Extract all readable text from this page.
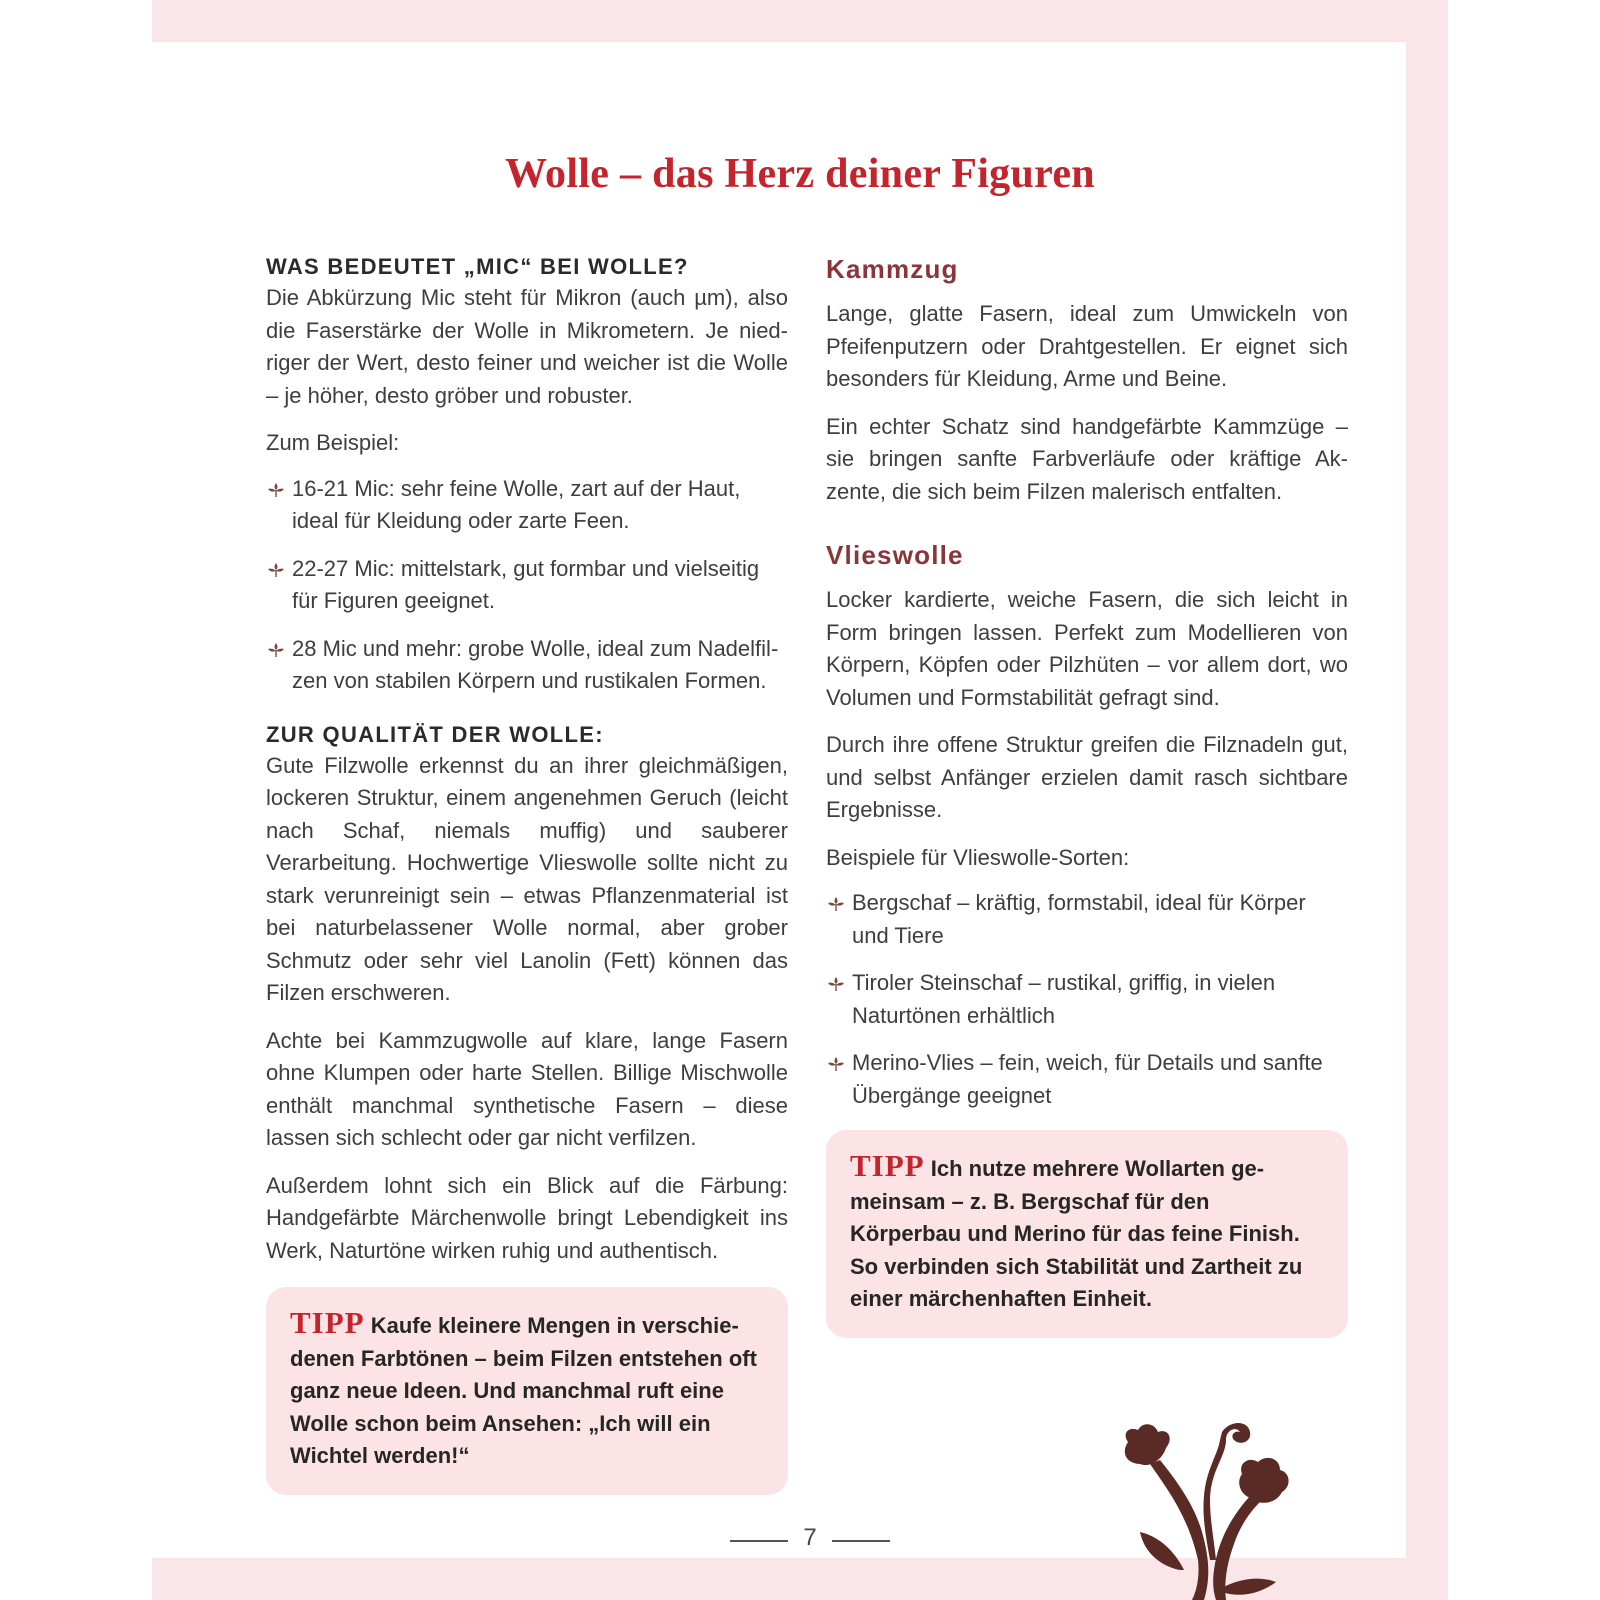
Wolle – das Herz deiner Figuren
WAS BEDEUTET „MIC“ BEI WOLLE?

Die Abkürzung Mic steht für Mikron (auch µm), also die Faserstärke der Wolle in Mikrometern. Je niedriger der Wert, desto feiner und weicher ist die Wolle – je höher, desto gröber und robuster.

Zum Beispiel:

16-21 Mic: sehr feine Wolle, zart auf der Haut, ideal für Kleidung oder zarte Feen.
22-27 Mic: mittelstark, gut formbar und vielseitig für Figuren geeignet.
28 Mic und mehr: grobe Wolle, ideal zum Nadelfilzen von stabilen Körpern und rustikalen Formen.
ZUR QUALITÄT DER WOLLE:

Gute Filzwolle erkennst du an ihrer gleichmäßigen, lockeren Struktur, einem angenehmen Geruch (leicht nach Schaf, niemals muffig) und sauberer Verarbeitung. Hochwertige Vlieswolle sollte nicht zu stark verunreinigt sein – etwas Pflanzenmaterial ist bei naturbelassener Wolle normal, aber grober Schmutz oder sehr viel Lanolin (Fett) können das Filzen erschweren.

Achte bei Kammzugwolle auf klare, lange Fasern ohne Klumpen oder harte Stellen. Billige Mischwolle enthält manchmal synthetische Fasern – diese lassen sich schlecht oder gar nicht verfilzen.

Außerdem lohnt sich ein Blick auf die Färbung: Handgefärbte Märchenwolle bringt Lebendigkeit ins Werk, Naturtöne wirken ruhig und authentisch.

TIPP Kaufe kleinere Mengen in verschiedenen Farbtönen – beim Filzen entstehen oft ganz neue Ideen. Und manchmal ruft eine Wolle schon beim Ansehen: „Ich will ein Wichtel werden!“

Kammzug

Lange, glatte Fasern, ideal zum Umwickeln von Pfeifenputzern oder Drahtgestellen. Er eignet sich besonders für Kleidung, Arme und Beine.

Ein echter Schatz sind handgefärbte Kammzüge – sie bringen sanfte Farbverläufe oder kräftige Akzente, die sich beim Filzen malerisch entfalten.

Vlieswolle

Locker kardierte, weiche Fasern, die sich leicht in Form bringen lassen. Perfekt zum Modellieren von Körpern, Köpfen oder Pilzhüten – vor allem dort, wo Volumen und Formstabilität gefragt sind.

Durch ihre offene Struktur greifen die Filznadeln gut, und selbst Anfänger erzielen damit rasch sichtbare Ergebnisse.

Beispiele für Vlieswolle-Sorten:

Bergschaf – kräftig, formstabil, ideal für Körper und Tiere
Tiroler Steinschaf – rustikal, griffig, in vielen Naturtönen erhältlich
Merino-Vlies – fein, weich, für Details und sanfte Übergänge geeignet

TIPP Ich nutze mehrere Wollarten gemeinsam – z. B. Bergschaf für den Körperbau und Merino für das feine Finish. So verbinden sich Stabilität und Zartheit zu einer märchenhaften Einheit.

7
